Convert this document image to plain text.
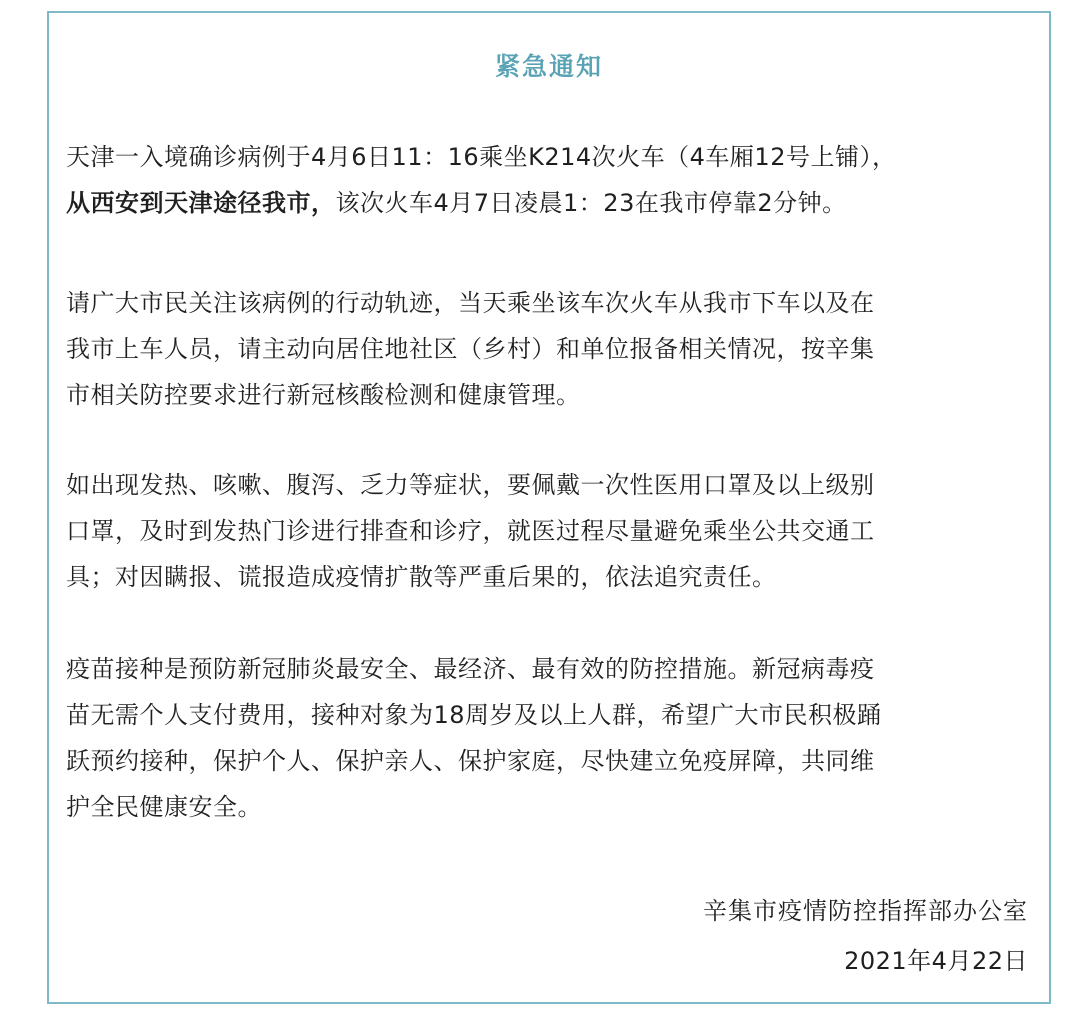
紧急通知

天津一入境确诊病例于4月6日11：16乘坐K214次火车（4车厢12号上铺），
从西安到天津途径我市，该次火车4月7日凌晨1：23在我市停靠2分钟。

请广大市民关注该病例的行动轨迹，当天乘坐该车次火车从我市下车以及在
我市上车人员，请主动向居住地社区（乡村）和单位报备相关情况，按辛集
市相关防控要求进行新冠核酸检测和健康管理。

如出现发热、咳嗽、腹泻、乏力等症状，要佩戴一次性医用口罩及以上级别
口罩，及时到发热门诊进行排查和诊疗，就医过程尽量避免乘坐公共交通工
具；对因瞒报、谎报造成疫情扩散等严重后果的，依法追究责任。

疫苗接种是预防新冠肺炎最安全、最经济、最有效的防控措施。新冠病毒疫
苗无需个人支付费用，接种对象为18周岁及以上人群，希望广大市民积极踊
跃预约接种，保护个人、保护亲人、保护家庭，尽快建立免疫屏障，共同维
护全民健康安全。

辛集市疫情防控指挥部办公室

2021年4月22日
